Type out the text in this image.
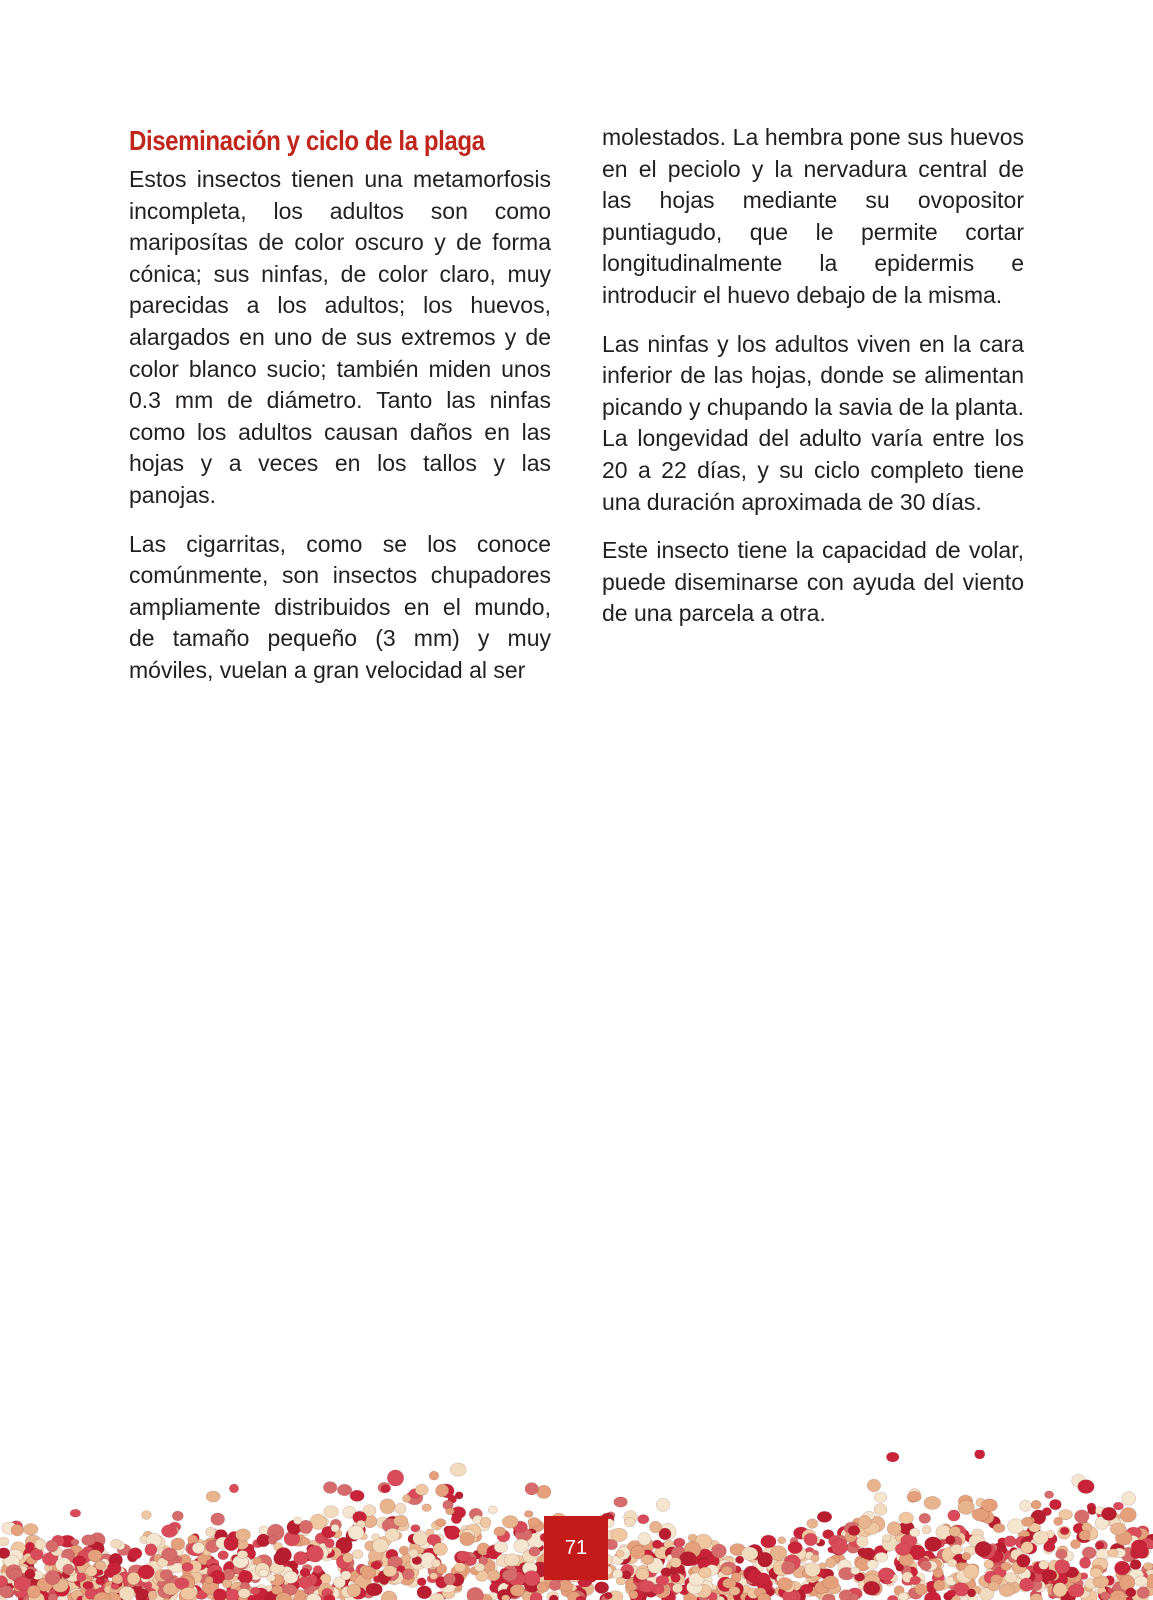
Diseminación y ciclo de la plaga

Estos insectos tienen una metamorfosis incompleta, los adultos son como mariposítas de color oscuro y de forma cónica; sus ninfas, de color claro, muy parecidas a los adultos; los huevos, alargados en uno de sus extremos y de color blanco sucio; también miden unos 0.3 mm de diámetro. Tanto las ninfas como los adultos causan daños en las hojas y a veces en los tallos y las panojas.

Las cigarritas, como se los conoce comúnmente, son insectos chupadores ampliamente distribuidos en el mundo, de tamaño pequeño (3 mm) y muy móviles, vuelan a gran velocidad al ser

molestados. La hembra pone sus huevos en el peciolo y la nervadura central de las hojas mediante su ovopositor puntiagudo, que le permite cortar longitudinalmente la epidermis e introducir el huevo debajo de la misma.

Las ninfas y los adultos viven en la cara inferior de las hojas, donde se alimentan picando y chupando la savia de la planta. La longevidad del adulto varía entre los 20 a 22 días, y su ciclo completo tiene una duración aproximada de 30 días.

Este insecto tiene la capacidad de volar, puede diseminarse con ayuda del viento de una parcela a otra.

71
